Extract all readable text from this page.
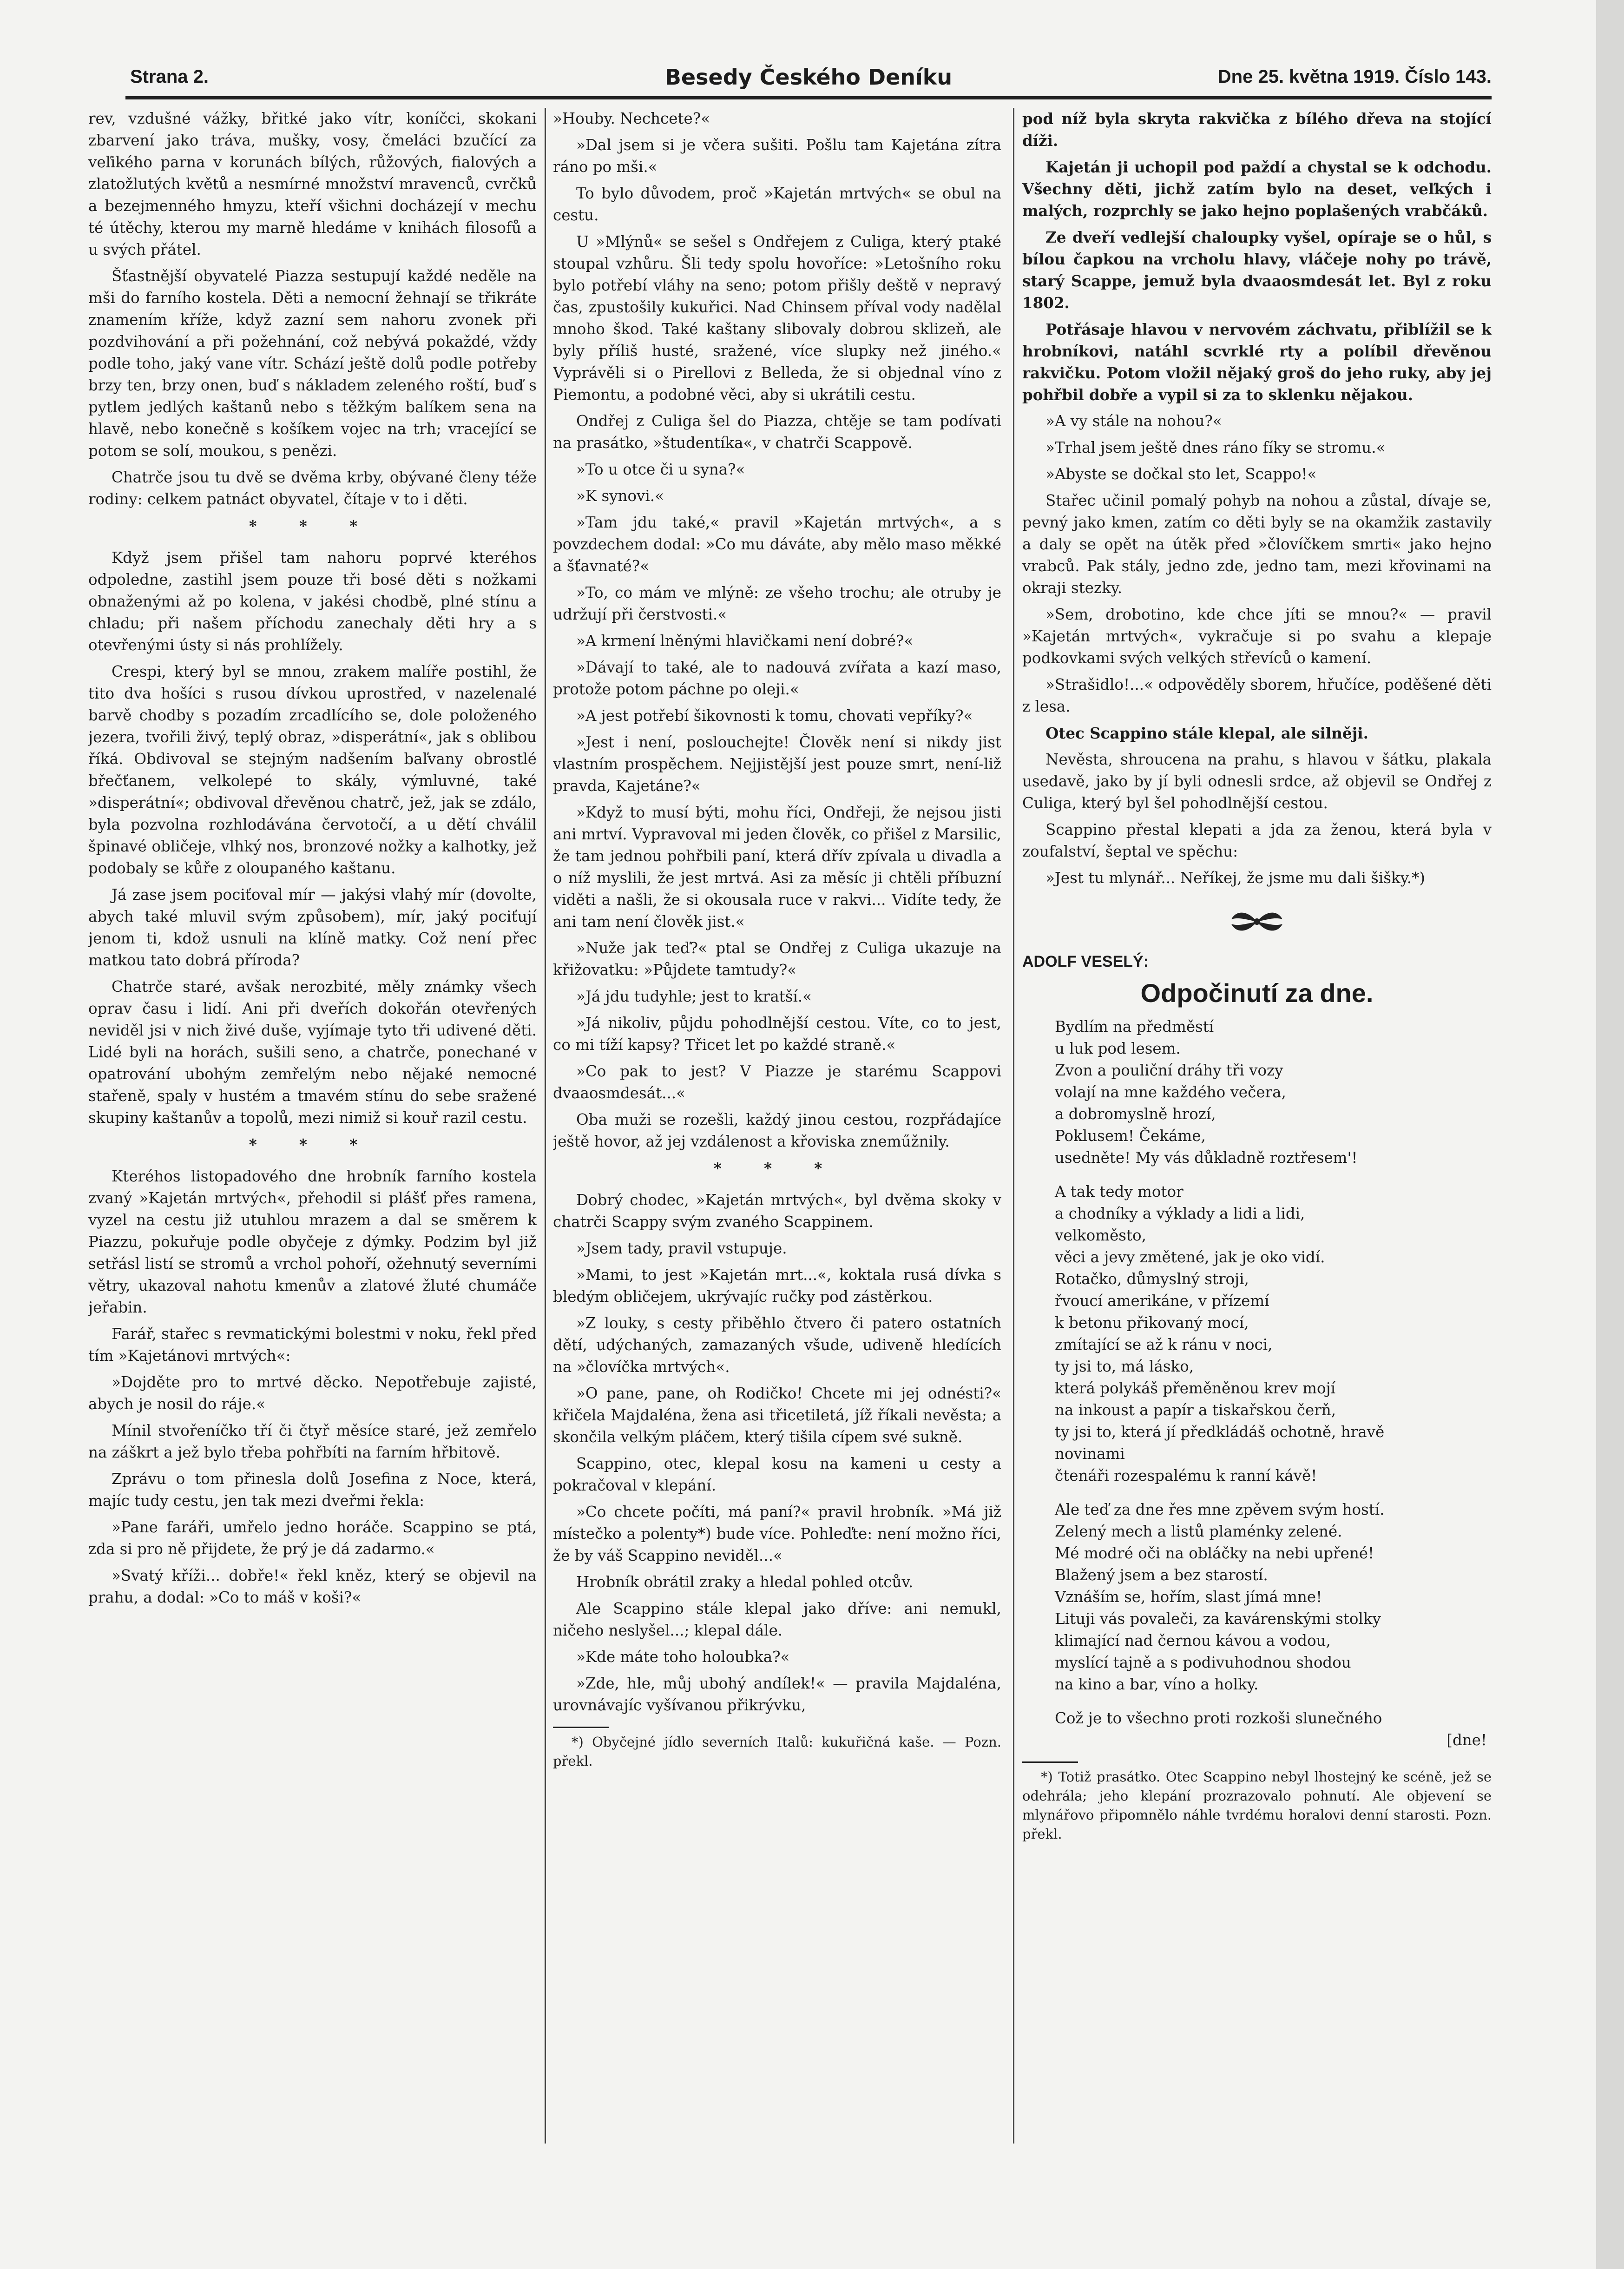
Strana 2.	Besedy Českého Deníku	Dne 25. května 1919. Číslo 143.

rev, vzdušné vážky, břitké jako vítr, koníčci, skokani zbarvení jako tráva, mušky, vosy, čmeláci bzučící za veľikého parna v korunách bílých, růžových, fialových a zlatožlutých květů a nesmírné množství mravenců, cvrčků a bezejmenného hmyzu, kteří všichni docházejí v mechu té útěchy, kterou my marně hledáme v knihách filosofů a u svých přátel.

Šťastnější obyvatelé Piazza sestupují každé neděle na mši do farního kostela. Děti a nemocní žehnají se třikráte znamením kříže, když zazní sem nahoru zvonek při pozdvihování a při požehnání, což nebývá pokaždé, vždy podle toho, jaký vane vítr. Schází ještě dolů podle potřeby brzy ten, brzy onen, buď s nákladem zeleného roští, buď s pytlem jedlých kaštanů nebo s těžkým balíkem sena na hlavě, nebo konečně s košíkem vojec na trh; vracející se potom se solí, moukou, s penězi.

Chatrče jsou tu dvě se dvěma krby, obývané členy téže rodiny: celkem patnáct obyvatel, čítaje v to i děti.

* * *

Když jsem přišel tam nahoru poprvé kteréhos odpoledne, zastihl jsem pouze tři bosé děti s nožkami obnaženými až po kolena, v jakési chodbě, plné stínu a chladu; při našem příchodu zanechaly děti hry a s otevřenými ústy si nás prohlížely.

Crespi, který byl se mnou, zrakem malíře postihl, že tito dva hošíci s rusou dívkou uprostřed, v nazelenalé barvě chodby s pozadím zrcadlícího se, dole položeného jezera, tvořili živý, teplý obraz, »disperátní«, jak s oblibou říká. Obdivoval se stejným nadšením baľvany obrostlé břečťanem, velkolepé to skály, výmluvné, také »disperátní«; obdivoval dřevěnou chatrč, jež, jak se zdálo, byla pozvolna rozhlodávána červotočí, a u dětí chválil špinavé obličeje, vlhký nos, bronzové nožky a kalhotky, jež podobaly se kůře z oloupaného kaštanu.

Já zase jsem pociťoval mír — jakýsi vlahý mír (dovolte, abych také mluvil svým způsobem), mír, jaký pociťují jenom ti, kdož usnuli na klíně matky. Což není přec matkou tato dobrá příroda?

Chatrče staré, avšak nerozbité, měly známky všech oprav času i lidí. Ani při dveřích dokořán otevřených neviděl jsi v nich živé duše, vyjímaje tyto tři udivené děti. Lidé byli na horách, sušili seno, a chatrče, ponechané v opatrování ubohým zemřelým nebo nějaké nemocné stařeně, spaly v hustém a tmavém stínu do sebe sražené skupiny kaštanův a topolů, mezi nimiž si kouř razil cestu.

* * *

Kteréhos listopadového dne hrobník farního kostela zvaný »Kajetán mrtvých«, přehodil si plášť přes ramena, vyzel na cestu již utuhlou mrazem a dal se směrem k Piazzu, pokuřuje podle obyčeje z dýmky. Podzim byl již setřásl listí se stromů a vrchol pohoří, ožehnutý severními větry, ukazoval nahotu kmenův a zlatové žluté chumáče jeřabin.

Farář, stařec s revmatickými bolestmi v noku, řekl před tím »Kajetánovi mrtvých«:

»Dojděte pro to mrtvé děcko. Nepotřebuje zajisté, abych je nosil do ráje.«

Mínil stvořeníčko tří či čtyř měsíce staré, jež zemřelo na záškrt a jež bylo třeba pohřbíti na farním hřbitově.

Zprávu o tom přinesla dolů Josefina z Noce, která, majíc tudy cestu, jen tak mezi dveřmi řekla:

»Pane faráři, umřelo jedno horáče. Scappino se ptá, zda si pro ně přijdete, že prý je dá zadarmo.«

»Svatý kříži... dobře!« řekl kněz, který se objevil na prahu, a dodal: »Co to máš v koši?«

»Houby. Nechcete?«

»Dal jsem si je včera sušiti. Pošlu tam Kajetána zítra ráno po mši.«

To bylo důvodem, proč »Kajetán mrtvých« se obul na cestu.

U »Mlýnů« se sešel s Ondřejem z Culiga, který ptaké stoupal vzhůru. Šli tedy spolu hovoříce: »Letošního roku bylo potřebí vláhy na seno; potom přišly deště v nepravý čas, zpustošily kukuřici. Nad Chinsem příval vody nadělal mnoho škod. Také kaštany slibovaly dobrou sklizeň, ale byly příliš husté, sražené, více slupky než jiného.« Vyprávěli si o Pirellovi z Belleda, že si objednal víno z Piemontu, a podobné věci, aby si ukrátili cestu.

Ondřej z Culiga šel do Piazza, chtěje se tam podívati na prasátko, »študentíka«, v chatrči Scappově.

»To u otce či u syna?«

»K synovi.«

»Tam jdu také,« pravil »Kajetán mrtvých«, a s povzdechem dodal: »Co mu dáváte, aby mělo maso měkké a šťavnaté?«

»To, co mám ve mlýně: ze všeho trochu; ale otruby je udržují při čerstvosti.«

»A krmení lněnými hlavičkami není dobré?«

»Dávají to také, ale to nadouvá zvířata a kazí maso, protože potom páchne po oleji.«

»A jest potřebí šikovnosti k tomu, chovati vepříky?«

»Jest i není, poslouchejte! Člověk není si nikdy jist vlastním prospěchem. Nejjistější jest pouze smrt, není-liž pravda, Kajetáne?«

»Když to musí býti, mohu říci, Ondřeji, že nejsou jisti ani mrtví. Vypravoval mi jeden člověk, co přišel z Marsilic, že tam jednou pohřbili paní, která dřív zpívala u divadla a o níž myslili, že jest mrtvá. Asi za měsíc ji chtěli příbuzní viděti a našli, že si okousala ruce v rakvi... Vidíte tedy, že ani tam není člověk jist.«

»Nuže jak teď?« ptal se Ondřej z Culiga ukazuje na křižovatku: »Půjdete tamtudy?«

»Já jdu tudyhle; jest to kratší.«

»Já nikoliv, půjdu pohodlnější cestou. Víte, co to jest, co mi tíží kapsy? Třicet let po každé straně.«

»Co pak to jest? V Piazze je starému Scappovi dvaaosmdesát...«

Oba muži se rozešli, každý jinou cestou, rozpřádajíce ještě hovor, až jej vzdálenost a křoviska zneműžnily.

* * *

Dobrý chodec, »Kajetán mrtvých«, byl dvěma skoky v chatrči Scappy svým zvaného Scappinem.

»Jsem tady, pravil vstupuje.

»Mami, to jest »Kajetán mrt...«, koktala rusá dívka s bledým obličejem, ukrývajíc ručky pod zástěrkou.

»Z louky, s cesty přiběhlo čtvero či patero ostatních dětí, udýchaných, zamazaných všude, udiveně hledících na »človíčka mrtvých«.

»O pane, pane, oh Rodičko! Chcete mi jej odnésti?« křičela Majdaléna, žena asi třicetiletá, jíž říkali nevěsta; a skončila velkým pláčem, který tišila cípem své sukně.

Scappino, otec, klepal kosu na kameni u cesty a pokračoval v klepání.

»Co chcete počíti, má paní?« pravil hrobník. »Má již místečko a polenty*) bude více. Pohleďte: není možno říci, že by váš Scappino neviděl...«

Hrobník obrátil zraky a hledal pohled otcův.

Ale Scappino stále klepal jako dříve: ani nemukl, ničeho neslyšel...; klepal dále.

»Kde máte toho holoubka?«

»Zde, hle, můj ubohý andílek!« — pravila Majdaléna, urovnávajíc vyšívanou přikrývku,

*) Obyčejné jídlo severních Italů: kukuřičná kaše. — Pozn. překl.

pod níž byla skryta rakvička z bílého dřeva na stojící díži.

Kajetán ji uchopil pod paždí a chystal se k odchodu. Všechny děti, jichž zatím bylo na deset, veľkých i malých, rozprchly se jako hejno poplašených vrabčáků.

Ze dveří vedlejší chaloupky vyšel, opíraje se o hůl, s bílou čapkou na vrcholu hlavy, vláčeje nohy po trávě, starý Scappe, jemuž byla dvaaosmdesát let. Byl z roku 1802.

Potřásaje hlavou v nervovém záchvatu, přiblížil se k hrobníkovi, natáhl scvrklé rty a políbil dřevěnou rakvičku. Potom vložil nějaký groš do jeho ruky, aby jej pohřbil dobře a vypil si za to sklenku nějakou.

»A vy stále na nohou?«

»Trhal jsem ještě dnes ráno fíky se stromu.«

»Abyste se dočkal sto let, Scappo!«

Stařec učinil pomalý pohyb na nohou a zůstal, dívaje se, pevný jako kmen, zatím co děti byly se na okamžik zastavily a daly se opět na útěk před »človíčkem smrti« jako hejno vrabců. Pak stály, jedno zde, jedno tam, mezi křovinami na okraji stezky.

»Sem, drobotino, kde chce jíti se mnou?« — pravil »Kajetán mrtvých«, vykračuje si po svahu a klepaje podkovkami svých velkých střevíců o kamení.

»Strašidlo!...« odpověděly sborem, hřučíce, poděšené děti z lesa.

Otec Scappino stále klepal, ale silněji.

Nevěsta, shroucena na prahu, s hlavou v šátku, plakala usedavě, jako by jí byli odnesli srdce, až objevil se Ondřej z Culiga, který byl šel pohodlnější cestou.

Scappino přestal klepati a jda za ženou, která byla v zoufalství, šeptal ve spěchu:

»Jest tu mlynář... Neříkej, že jsme mu dali šišky.*)

ADOLF VESELÝ:
Odpočinutí za dne.
Bydlím na předměstí
u luk pod lesem.
Zvon a pouliční dráhy tři vozy
volají na mne každého večera,
a dobromyslně hrozí,
Poklusem! Čekáme,
usedněte! My vás důkladně roztřesem'!
A tak tedy motor
a chodníky a výklady a lidi a lidi,
velkoměsto,
věci a jevy změtené, jak je oko vidí.
Rotačko, důmyslný stroji,
řvoucí amerikáne, v přízemí
k betonu přikovaný mocí,
zmítající se až k ránu v noci,
ty jsi to, má lásko,
která polykáš přeměněnou krev mojí
na inkoust a papír a tiskařskou čerň,
ty jsi to, která jí předkládáš ochotně, hravě
novinami
čtenáři rozespalému k ranní kávě!
Ale teď za dne řes mne zpěvem svým hostí.
Zelený mech a listů plaménky zelené.
Mé modré oči na obláčky na nebi upřené!
Blažený jsem a bez starostí.
Vznáším se, hořím, slast jímá mne!
Lituji vás povaleči, za kavárenskými stolky
klimající nad černou kávou a vodou,
myslící tajně a s podivuhodnou shodou
na kino a bar, víno a holky.
Což je to všechno proti rozkoši slunečného
[dne!
*) Totiž prasátko. Otec Scappino nebyl lhostejný ke scéně, jež se odehrála; jeho klepání prozrazovalo pohnutí. Ale objevení se mlynářovo připomnělo náhle tvrdému horalovi denní starosti. Pozn. překl.
